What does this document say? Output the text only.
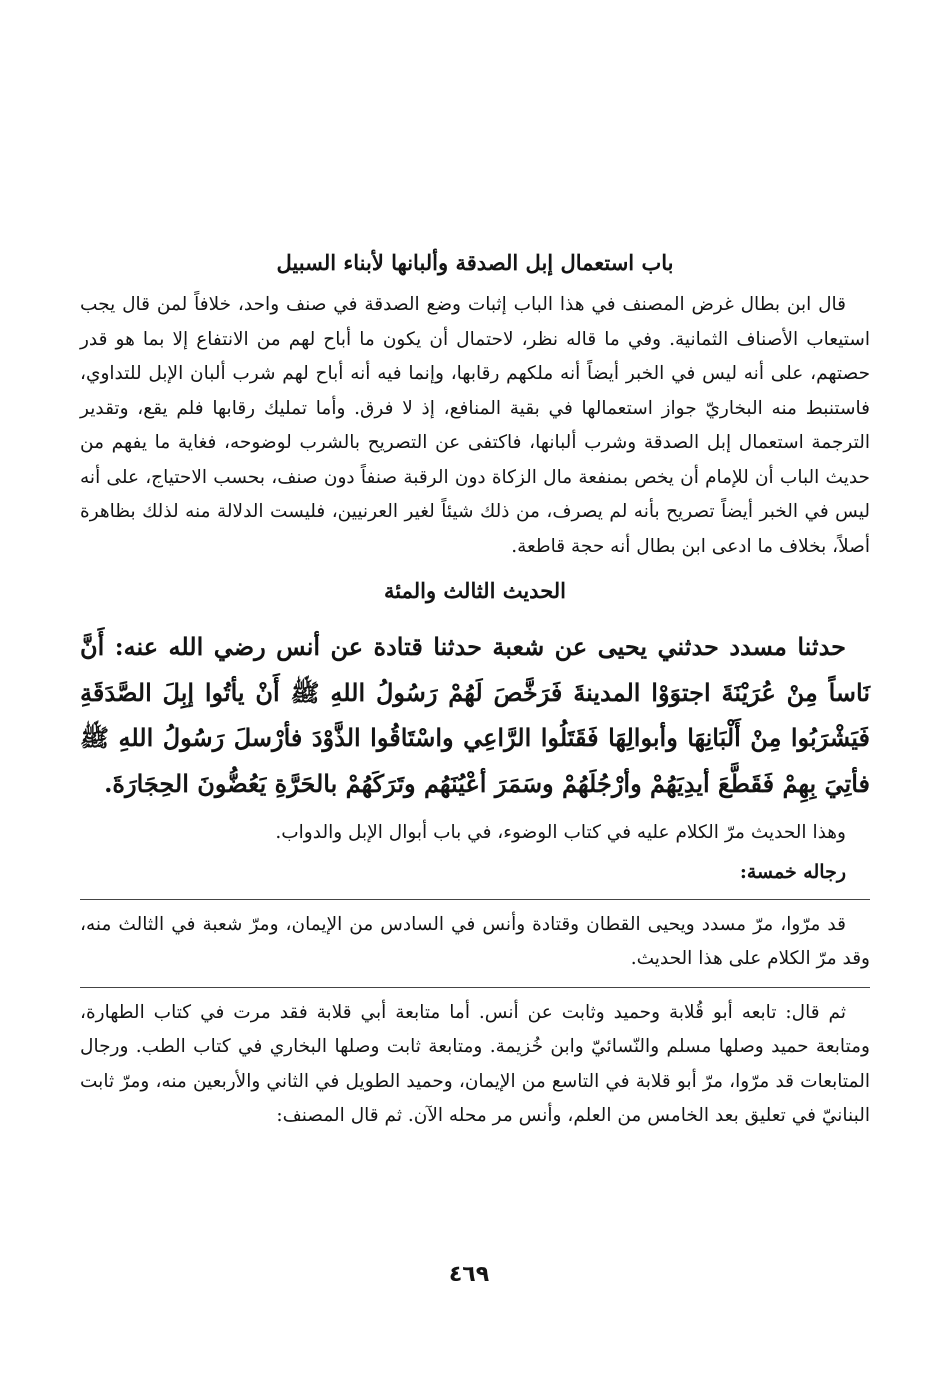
باب استعمال إبل الصدقة وألبانها لأبناء السبيل

قال ابن بطال غرض المصنف في هذا الباب إثبات وضع الصدقة في صنف واحد، خلافاً لمن قال يجب استيعاب الأصناف الثمانية. وفي ما قاله نظر، لاحتمال أن يكون ما أباح لهم من الانتفاع إلا بما هو قدر حصتهم، على أنه ليس في الخبر أيضاً أنه ملكهم رقابها، وإنما فيه أنه أباح لهم شرب ألبان الإبل للتداوي، فاستنبط منه البخاريّ جواز استعمالها في بقية المنافع، إذ لا فرق. وأما تمليك رقابها فلم يقع، وتقدير الترجمة استعمال إبل الصدقة وشرب ألبانها، فاكتفى عن التصريح بالشرب لوضوحه، فغاية ما يفهم من حديث الباب أن للإمام أن يخص بمنفعة مال الزكاة دون الرقبة صنفاً دون صنف، بحسب الاحتياج، على أنه ليس في الخبر أيضاً تصريح بأنه لم يصرف، من ذلك شيئاً لغير العرنيين، فليست الدلالة منه لذلك بظاهرة أصلاً، بخلاف ما ادعى ابن بطال أنه حجة قاطعة.

الحديث الثالث والمئة

حدثنا مسدد حدثني يحيى عن شعبة حدثنا قتادة عن أنس رضي الله عنه: أَنَّ نَاساً مِنْ عُرَيْنَةَ اجتوَوْا المدينةَ فَرَخَّصَ لَهُمْ رَسُولُ اللهِ ﷺ أَنْ يأتُوا إبِلَ الصَّدَقَةِ فَيَشْرَبُوا مِنْ أَلْبَانِهَا وأبوالِهَا فَقَتَلُوا الرَّاعِي واسْتَاقُوا الذَّوْدَ فأرْسلَ رَسُولُ اللهِ ﷺ فأتِيَ بِهِمْ فَقَطَّعَ أيدِيَهُمْ وأرْجُلَهُمْ وسَمَرَ أعْيُنَهُم وتَرَكَهُمْ بالحَرَّةِ يَعُضُّونَ الحِجَارَةَ.

وهذا الحديث مرّ الكلام عليه في كتاب الوضوء، في باب أبوال الإبل والدواب.

رجاله خمسة:

قد مرّوا، مرّ مسدد ويحيى القطان وقتادة وأنس في السادس من الإيمان، ومرّ شعبة في الثالث منه، وقد مرّ الكلام على هذا الحديث.

ثم قال: تابعه أبو قُلابة وحميد وثابت عن أنس. أما متابعة أبي قلابة فقد مرت في كتاب الطهارة، ومتابعة حميد وصلها مسلم والنّسائيّ وابن خُزيمة. ومتابعة ثابت وصلها البخاري في كتاب الطب. ورجال المتابعات قد مرّوا، مرّ أبو قلابة في التاسع من الإيمان، وحميد الطويل في الثاني والأربعين منه، ومرّ ثابت البنانيّ في تعليق بعد الخامس من العلم، وأنس مر محله الآن. ثم قال المصنف:

٤٦٩
